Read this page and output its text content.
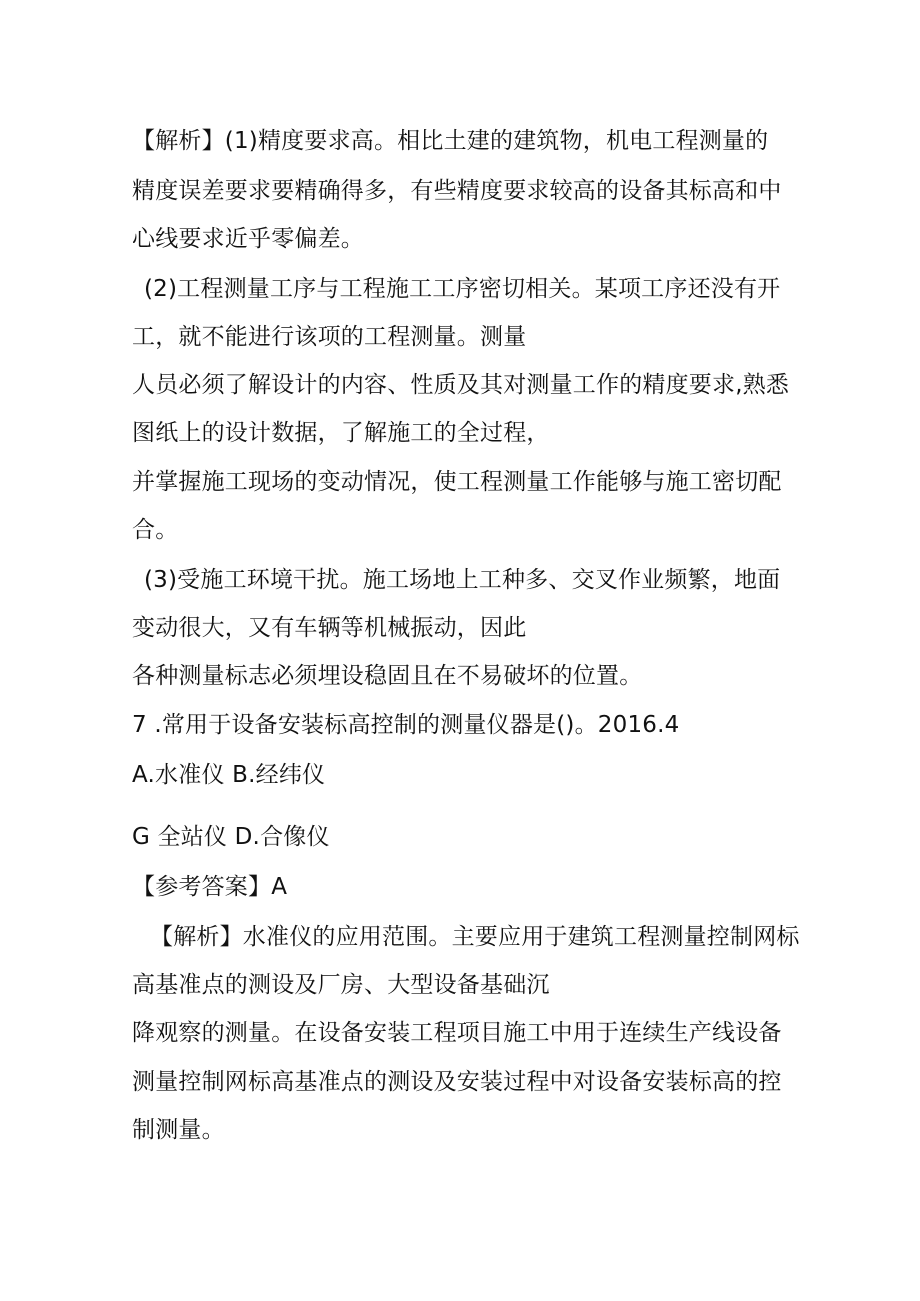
【解析】(1)精度要求高。相比土建的建筑物，机电工程测量的
精度误差要求要精确得多，有些精度要求较高的设备其标高和中
心线要求近乎零偏差。
(2)工程测量工序与工程施工工序密切相关。某项工序还没有开
工，就不能进行该项的工程测量。测量
人员必须了解设计的内容、性质及其对测量工作的精度要求,熟悉
图纸上的设计数据，了解施工的全过程，
并掌握施工现场的变动情况，使工程测量工作能够与施工密切配
合。
(3)受施工环境干扰。施工场地上工种多、交叉作业频繁，地面
变动很大，又有车辆等机械振动，因此
各种测量标志必须埋设稳固且在不易破坏的位置。
7 .常用于设备安装标高控制的测量仪器是()。2016.4
A.水准仪 B.经纬仪
G 全站仪 D.合像仪
【参考答案】A
【解析】水准仪的应用范围。主要应用于建筑工程测量控制网标
高基准点的测设及厂房、大型设备基础沉
降观察的测量。在设备安装工程项目施工中用于连续生产线设备
测量控制网标高基准点的测设及安装过程中对设备安装标高的控
制测量。
